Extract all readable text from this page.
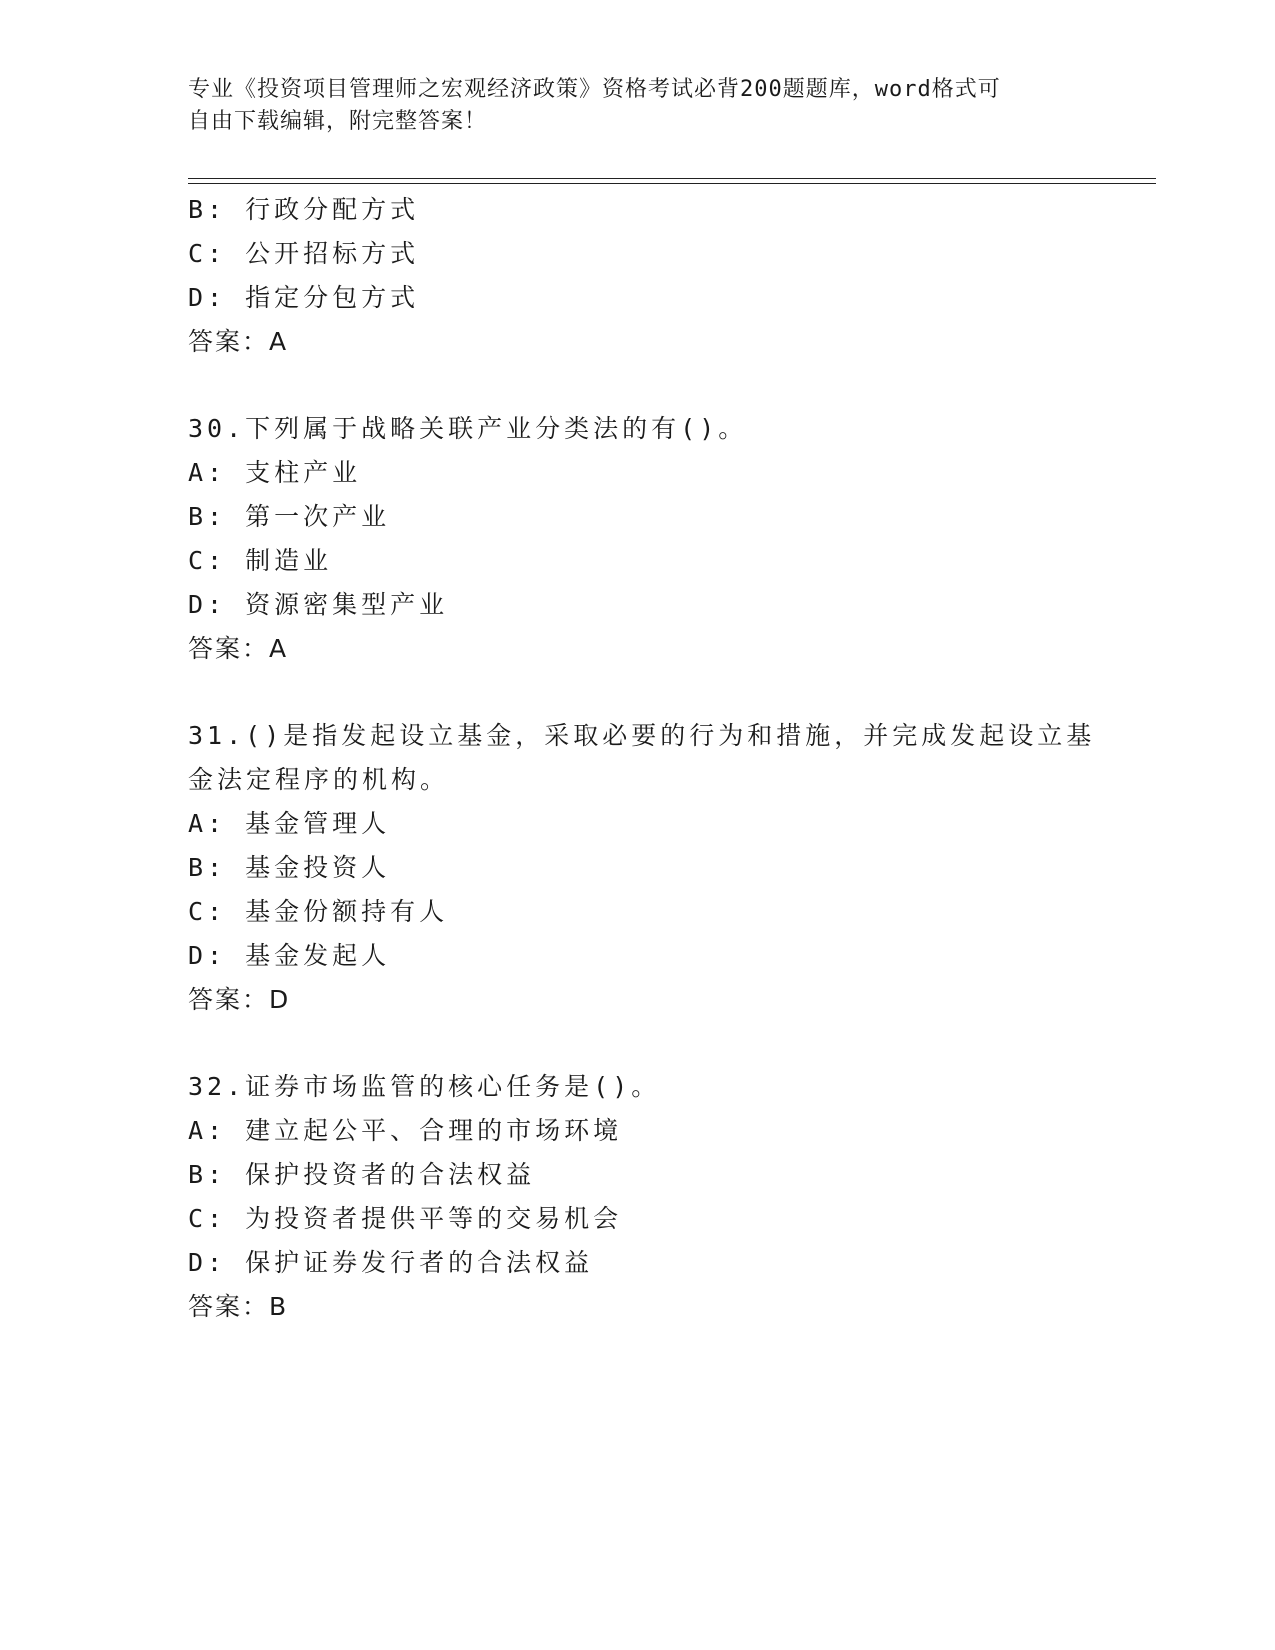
专业《投资项目管理师之宏观经济政策》资格考试必背200题题库，word格式可
自由下载编辑，附完整答案！
B: 行政分配方式
C: 公开招标方式
D: 指定分包方式
答案：A
30.下列属于战略关联产业分类法的有()。
A: 支柱产业
B: 第一次产业
C: 制造业
D: 资源密集型产业
答案：A
31.()是指发起设立基金，采取必要的行为和措施，并完成发起设立基
金法定程序的机构。
A: 基金管理人
B: 基金投资人
C: 基金份额持有人
D: 基金发起人
答案：D
32.证券市场监管的核心任务是()。
A: 建立起公平、合理的市场环境
B: 保护投资者的合法权益
C: 为投资者提供平等的交易机会
D: 保护证券发行者的合法权益
答案：B
